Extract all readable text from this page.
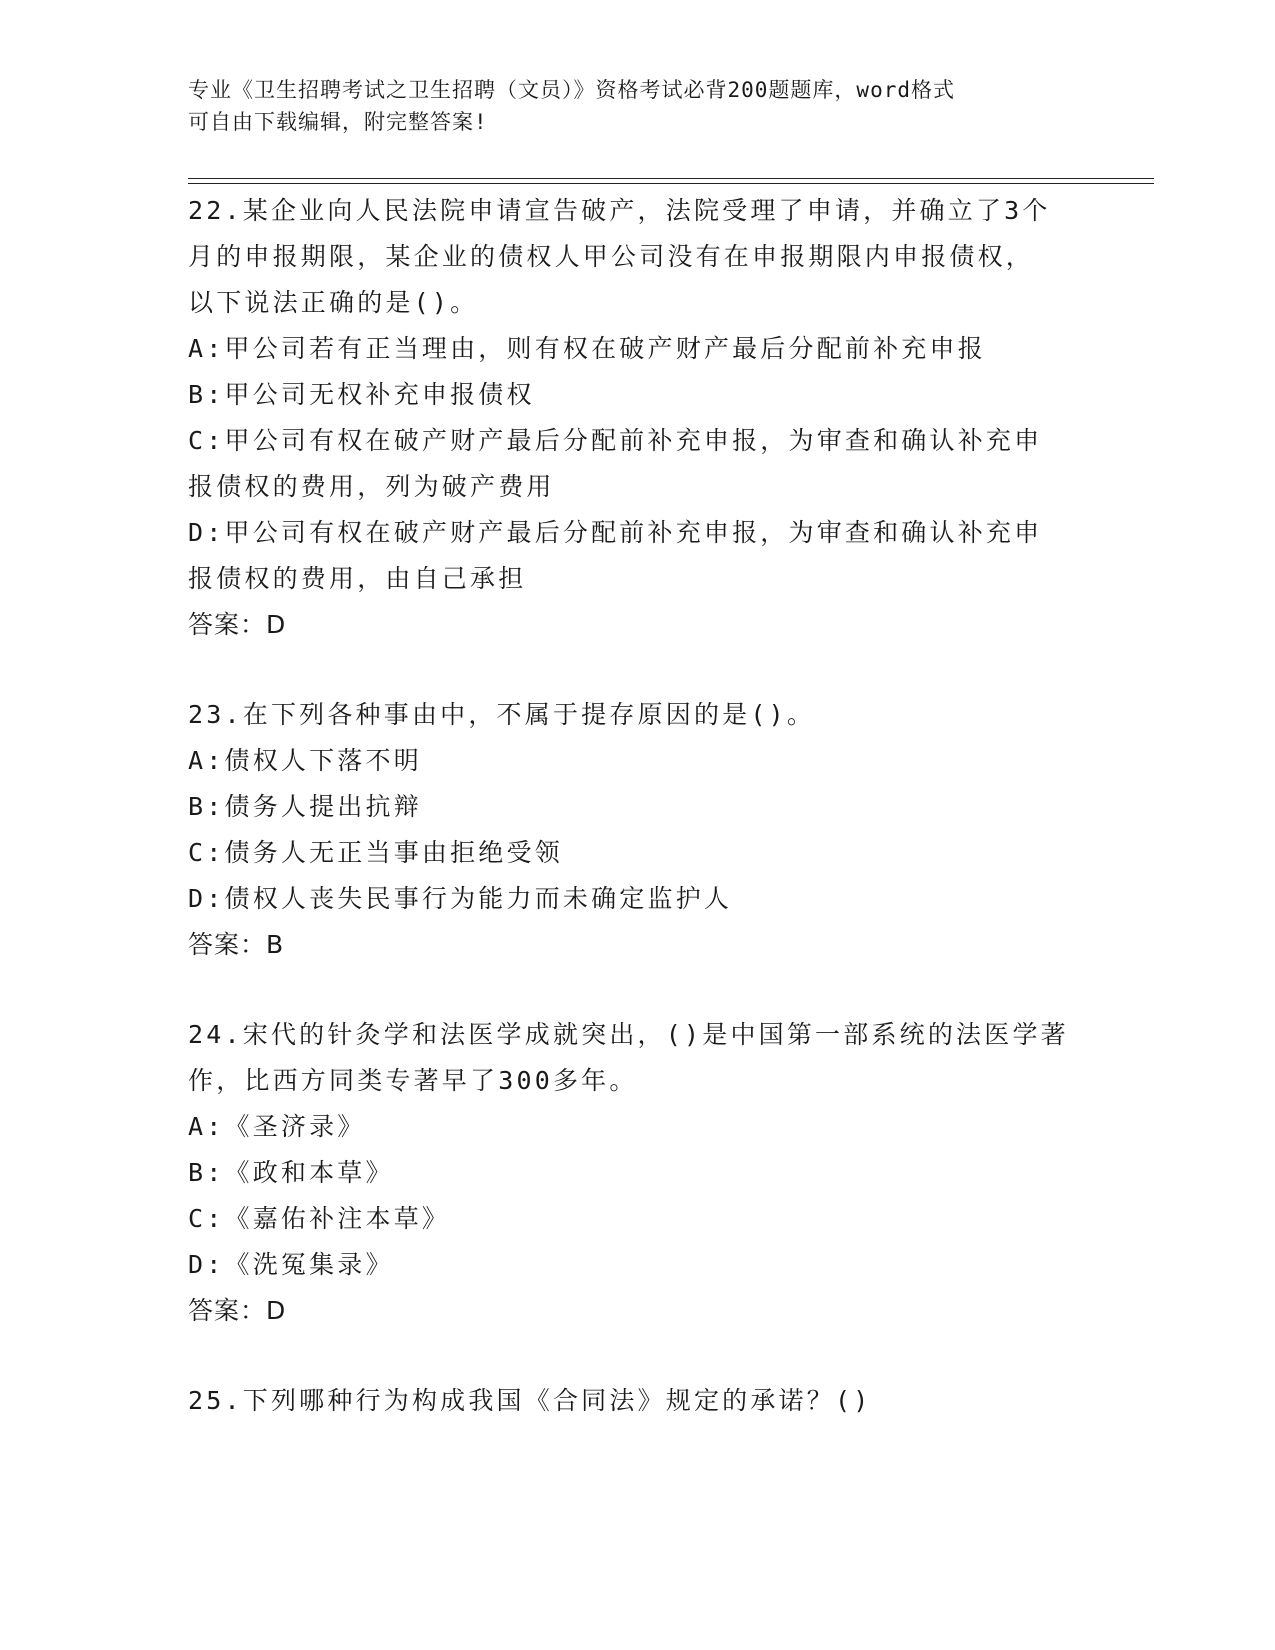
专业《卫生招聘考试之卫生招聘（文员）》资格考试必背200题题库，word格式
可自由下载编辑，附完整答案!
22.某企业向人民法院申请宣告破产，法院受理了申请，并确立了3个
月的申报期限，某企业的债权人甲公司没有在申报期限内申报债权，
以下说法正确的是()。
A:甲公司若有正当理由，则有权在破产财产最后分配前补充申报
B:甲公司无权补充申报债权
C:甲公司有权在破产财产最后分配前补充申报，为审查和确认补充申
报债权的费用，列为破产费用
D:甲公司有权在破产财产最后分配前补充申报，为审查和确认补充申
报债权的费用，由自己承担
答案：D
23.在下列各种事由中，不属于提存原因的是()。
A:债权人下落不明
B:债务人提出抗辩
C:债务人无正当事由拒绝受领
D:债权人丧失民事行为能力而未确定监护人
答案：B
24.宋代的针灸学和法医学成就突出，()是中国第一部系统的法医学著
作，比西方同类专著早了300多年。
A:《圣济录》
B:《政和本草》
C:《嘉佑补注本草》
D:《洗冤集录》
答案：D
25.下列哪种行为构成我国《合同法》规定的承诺？()
